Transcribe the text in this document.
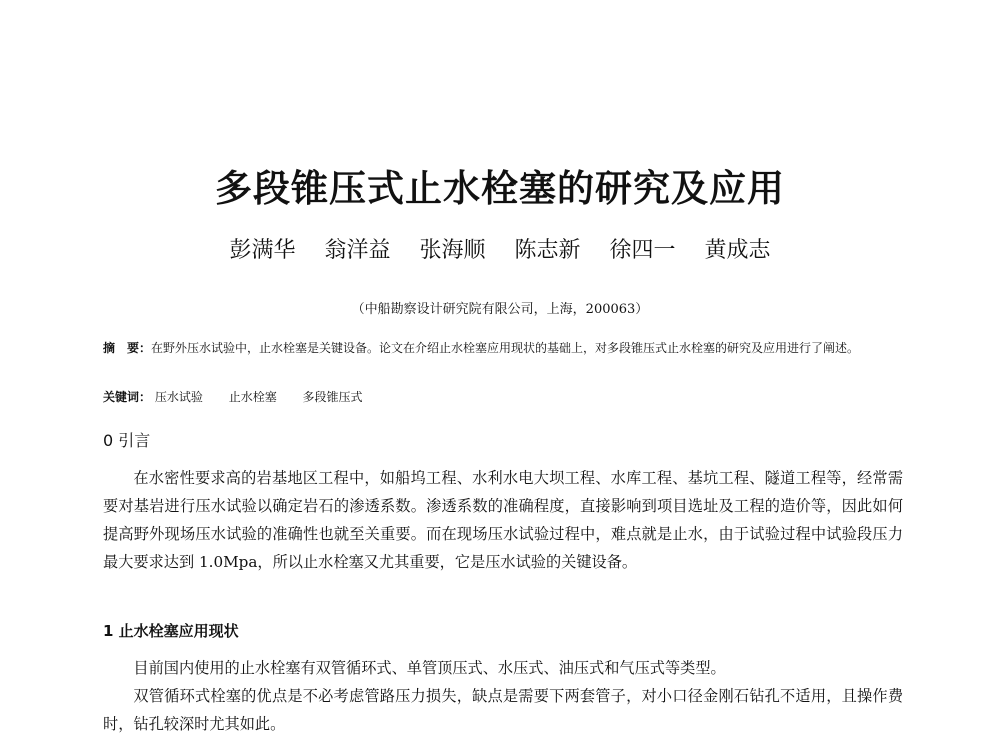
多段锥压式止水栓塞的研究及应用
彭满华 翁洋益 张海顺 陈志新 徐四一 黄成志
（中船勘察设计研究院有限公司，上海，200063）
摘　要：在野外压水试验中，止水栓塞是关键设备。论文在介绍止水栓塞应用现状的基础上，对多段锥压式止水栓塞的研究及应用进行了阐述。
关键词： 压水试验 止水栓塞 多段锥压式
0 引言
在水密性要求高的岩基地区工程中，如船坞工程、水利水电大坝工程、水库工程、基坑工程、隧道工程等，经常需要对基岩进行压水试验以确定岩石的渗透系数。渗透系数的准确程度，直接影响到项目选址及工程的造价等，因此如何提高野外现场压水试验的准确性也就至关重要。而在现场压水试验过程中，难点就是止水，由于试验过程中试验段压力最大要求达到 1.0Mpa，所以止水栓塞又尤其重要，它是压水试验的关键设备。
1 止水栓塞应用现状
目前国内使用的止水栓塞有双管循环式、单管顶压式、水压式、油压式和气压式等类型。
双管循环式栓塞的优点是不必考虑管路压力损失，缺点是需要下两套管子，对小口径金刚石钻孔不适用，且操作费时，钻孔较深时尤其如此。
